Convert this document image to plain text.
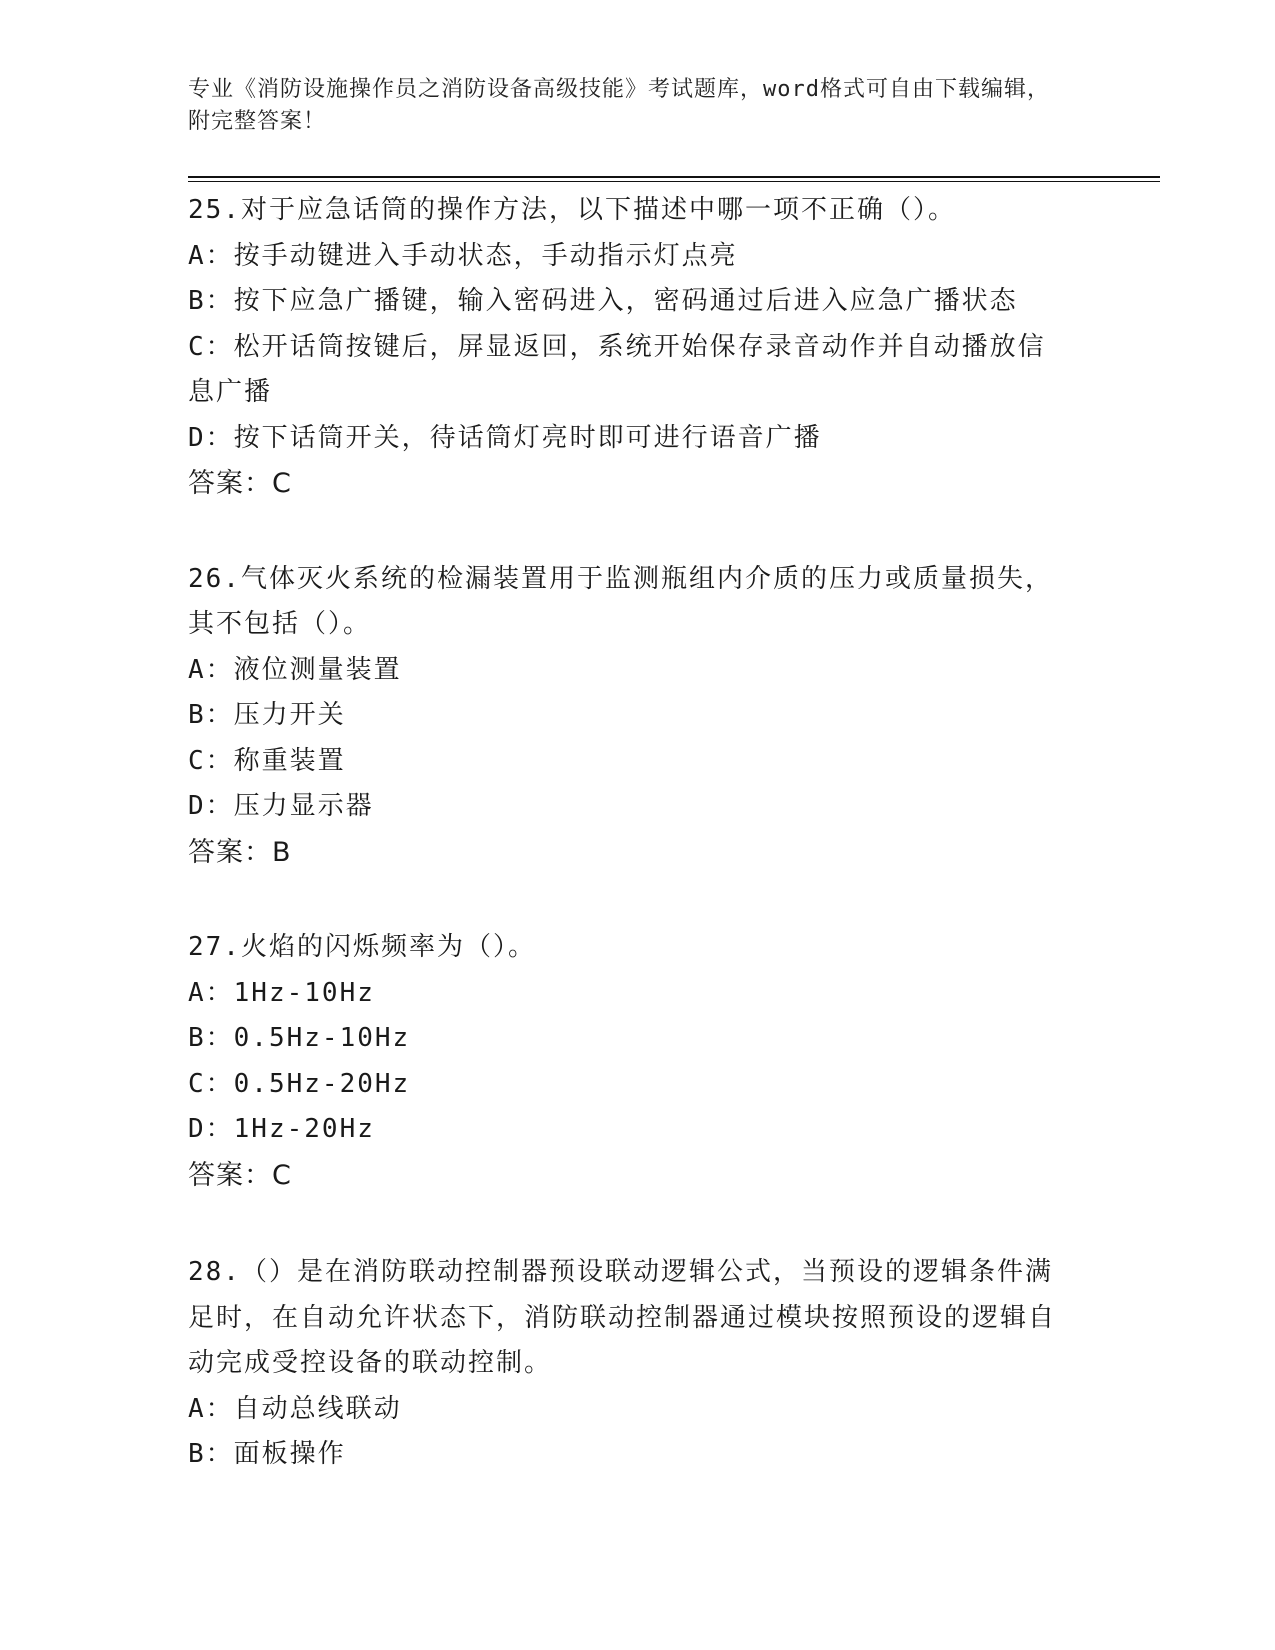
专业《消防设施操作员之消防设备高级技能》考试题库，word格式可自由下载编辑，附完整答案！
25.对于应急话筒的操作方法，以下描述中哪一项不正确（）。
A：按手动键进入手动状态，手动指示灯点亮
B：按下应急广播键，输入密码进入，密码通过后进入应急广播状态
C：松开话筒按键后，屏显返回，系统开始保存录音动作并自动播放信息广播
D：按下话筒开关，待话筒灯亮时即可进行语音广播
答案：C
26.气体灭火系统的检漏装置用于监测瓶组内介质的压力或质量损失，其不包括（）。
A：液位测量装置
B：压力开关
C：称重装置
D：压力显示器
答案：B
27.火焰的闪烁频率为（）。
A：1Hz-10Hz
B：0.5Hz-10Hz
C：0.5Hz-20Hz
D：1Hz-20Hz
答案：C
28.（）是在消防联动控制器预设联动逻辑公式，当预设的逻辑条件满足时，在自动允许状态下，消防联动控制器通过模块按照预设的逻辑自动完成受控设备的联动控制。
A：自动总线联动
B：面板操作
